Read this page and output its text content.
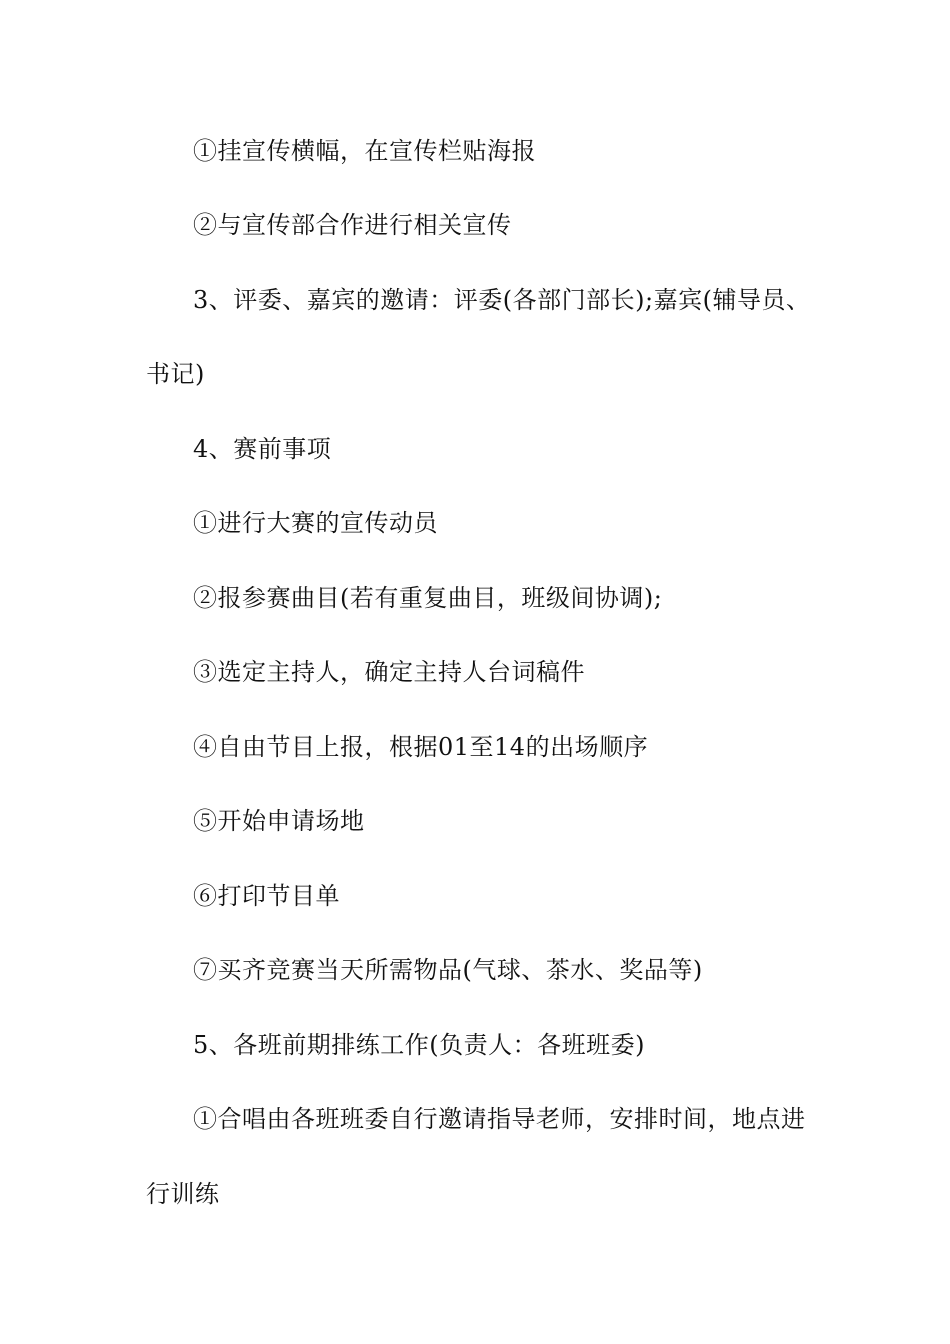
①挂宣传横幅，在宣传栏贴海报
②与宣传部合作进行相关宣传
3、评委、嘉宾的邀请：评委(各部门部长);嘉宾(辅导员、
书记)
4、赛前事项
①进行大赛的宣传动员
②报参赛曲目(若有重复曲目，班级间协调);
③选定主持人，确定主持人台词稿件
④自由节目上报，根据01至14的出场顺序
⑤开始申请场地
⑥打印节目单
⑦买齐竞赛当天所需物品(气球、茶水、奖品等)
5、各班前期排练工作(负责人：各班班委)
①合唱由各班班委自行邀请指导老师，安排时间，地点进
行训练
